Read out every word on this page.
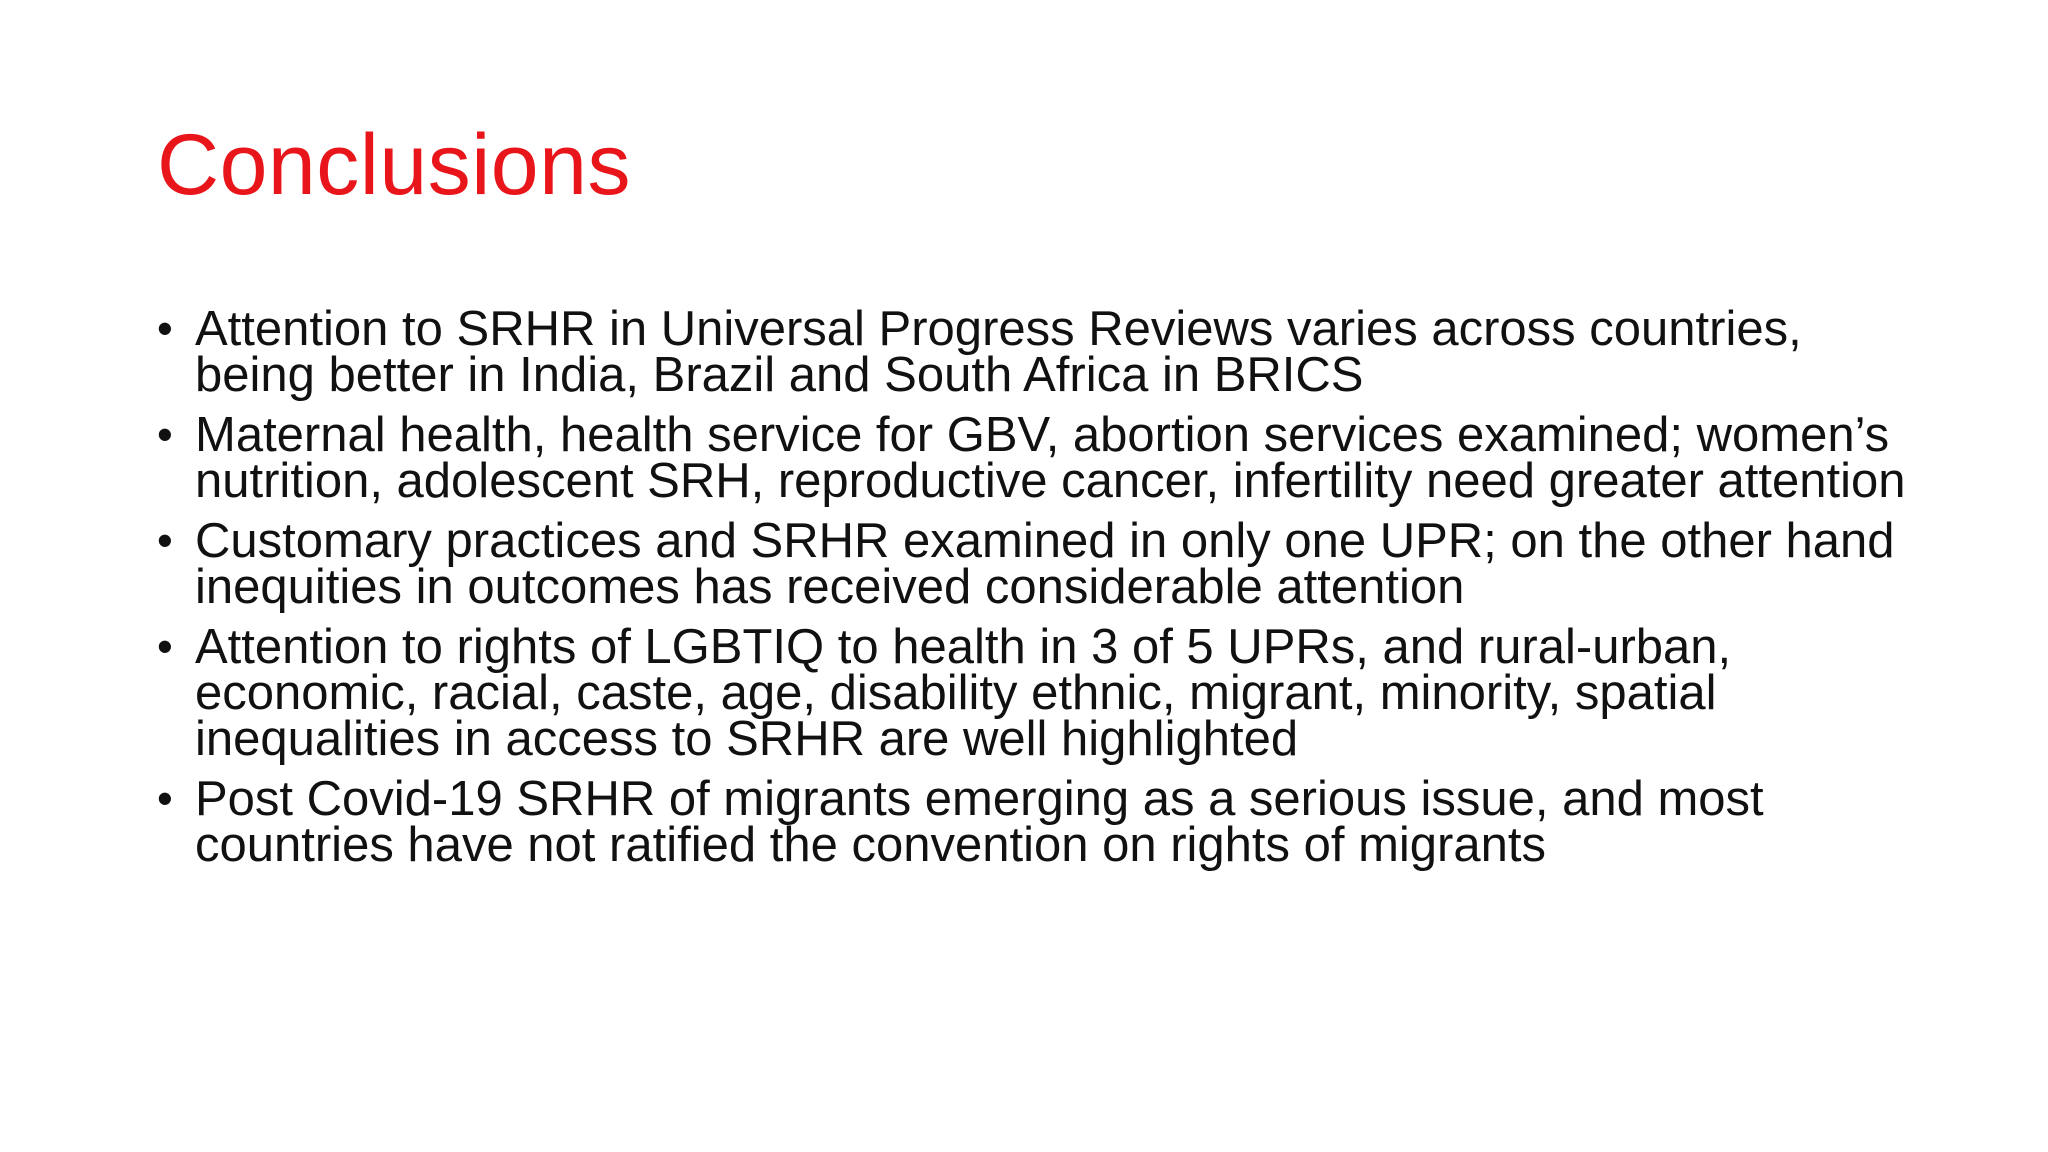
Conclusions
• Attention to SRHR in Universal Progress Reviews varies across countries, being better in India, Brazil and South Africa in BRICS
• Maternal health, health service for GBV, abortion services examined; women’s nutrition, adolescent SRH, reproductive cancer, infertility need greater attention
• Customary practices and SRHR examined in only one UPR; on the other hand inequities in outcomes has received considerable attention
• Attention to rights of LGBTIQ to health in 3 of 5 UPRs, and rural-urban, economic, racial, caste, age, disability ethnic, migrant, minority, spatial inequalities in access to SRHR are well highlighted
• Post Covid-19 SRHR of migrants emerging as a serious issue, and most countries have not ratified the convention on rights of migrants
